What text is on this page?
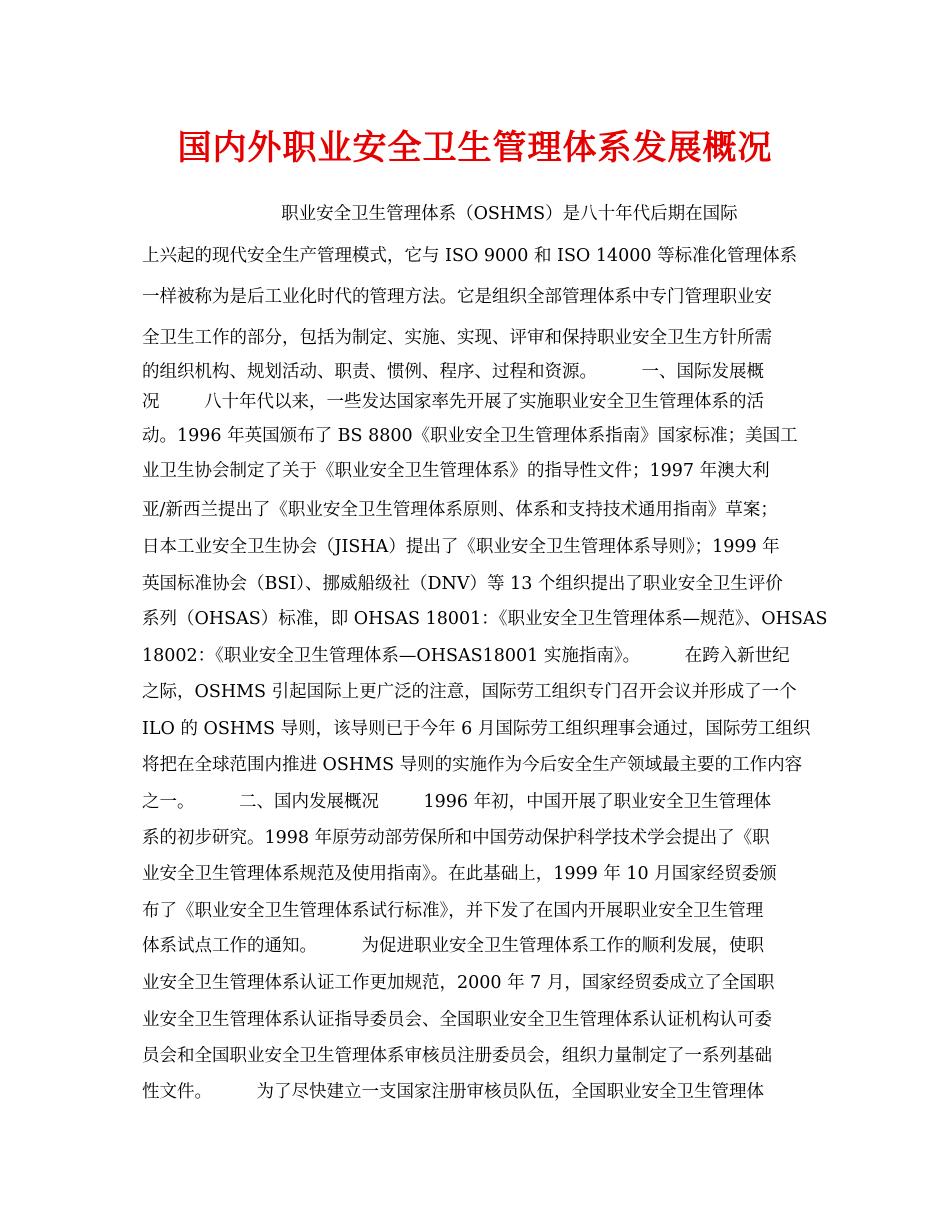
国内外职业安全卫生管理体系发展概况
职业安全卫生管理体系（OSHMS）是八十年代后期在国际
上兴起的现代安全生产管理模式，它与 ISO 9000 和 ISO 14000 等标准化管理体系
一样被称为是后工业化时代的管理方法。它是组织全部管理体系中专门管理职业安
全卫生工作的部分，包括为制定、实施、实现、评审和保持职业安全卫生方针所需
的组织机构、规划活动、职责、惯例、程序、过程和资源。        一、国际发展概
况        八十年代以来，一些发达国家率先开展了实施职业安全卫生管理体系的活
动。1996 年英国颁布了 BS 8800《职业安全卫生管理体系指南》国家标准；美国工
业卫生协会制定了关于《职业安全卫生管理体系》的指导性文件；1997 年澳大利
亚/新西兰提出了《职业安全卫生管理体系原则、体系和支持技术通用指南》草案；
日本工业安全卫生协会（JISHA）提出了《职业安全卫生管理体系导则》；1999 年
英国标准协会（BSI）、挪威船级社（DNV）等 13 个组织提出了职业安全卫生评价
系列（OHSAS）标准，即 OHSAS 18001：《职业安全卫生管理体系—规范》、OHSAS
18002：《职业安全卫生管理体系—OHSAS18001 实施指南》。        在跨入新世纪
之际，OSHMS 引起国际上更广泛的注意，国际劳工组织专门召开会议并形成了一个
ILO 的 OSHMS 导则，该导则已于今年 6 月国际劳工组织理事会通过，国际劳工组织
将把在全球范围内推进 OSHMS 导则的实施作为今后安全生产领域最主要的工作内容
之一。        二、国内发展概况        1996 年初，中国开展了职业安全卫生管理体
系的初步研究。1998 年原劳动部劳保所和中国劳动保护科学技术学会提出了《职
业安全卫生管理体系规范及使用指南》。在此基础上，1999 年 10 月国家经贸委颁
布了《职业安全卫生管理体系试行标准》，并下发了在国内开展职业安全卫生管理
体系试点工作的通知。        为促进职业安全卫生管理体系工作的顺利发展，使职
业安全卫生管理体系认证工作更加规范，2000 年 7 月，国家经贸委成立了全国职
业安全卫生管理体系认证指导委员会、全国职业安全卫生管理体系认证机构认可委
员会和全国职业安全卫生管理体系审核员注册委员会，组织力量制定了一系列基础
性文件。        为了尽快建立一支国家注册审核员队伍，全国职业安全卫生管理体
